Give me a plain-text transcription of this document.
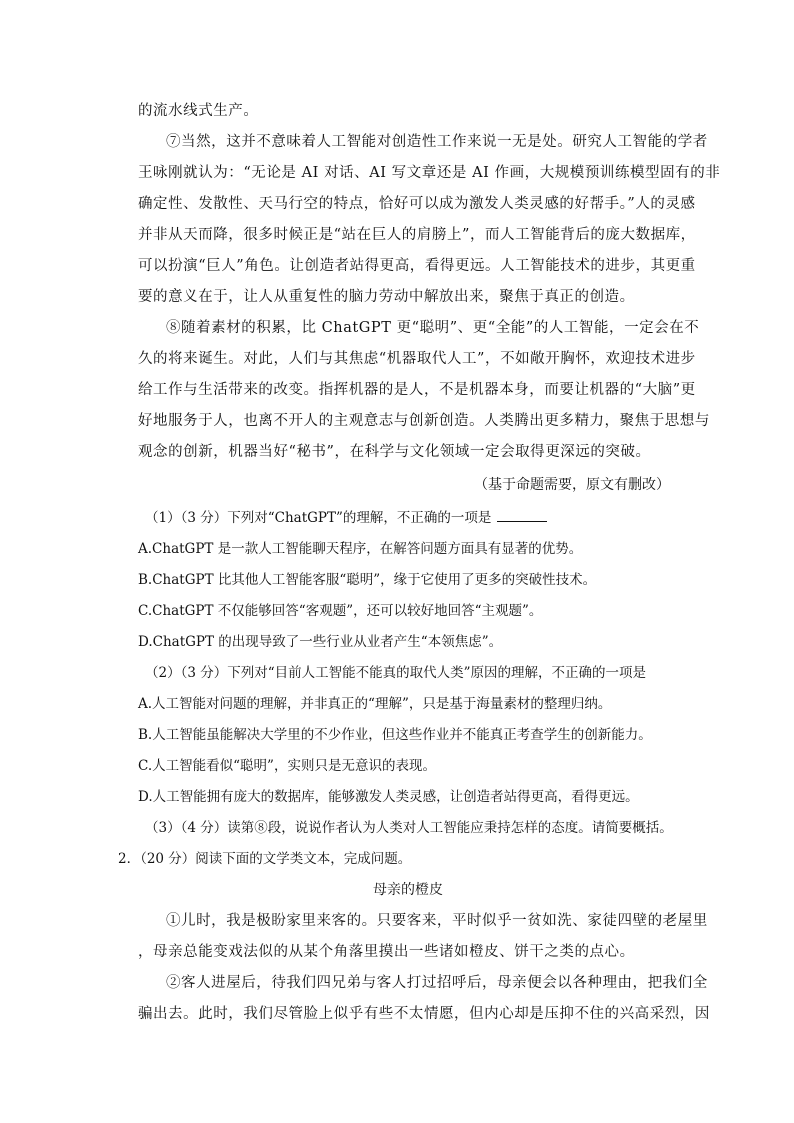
的流水线式生产。
⑦当然，这并不意味着人工智能对创造性工作来说一无是处。研究人工智能的学者
王咏刚就认为：“无论是 AI 对话、AI 写文章还是 AI 作画，大规模预训练模型固有的非
确定性、发散性、天马行空的特点，恰好可以成为激发人类灵感的好帮手。”人的灵感
并非从天而降，很多时候正是“站在巨人的肩膀上”，而人工智能背后的庞大数据库，
可以扮演“巨人”角色。让创造者站得更高，看得更远。人工智能技术的进步，其更重
要的意义在于，让人从重复性的脑力劳动中解放出来，聚焦于真正的创造。
⑧随着素材的积累，比 ChatGPT 更“聪明”、更“全能”的人工智能，一定会在不
久的将来诞生。对此，人们与其焦虑“机器取代人工”，不如敞开胸怀，欢迎技术进步
给工作与生活带来的改变。指挥机器的是人，不是机器本身，而要让机器的“大脑”更
好地服务于人，也离不开人的主观意志与创新创造。人类腾出更多精力，聚焦于思想与
观念的创新，机器当好“秘书”，在科学与文化领域一定会取得更深远的突破。
（基于命题需要，原文有删改）
（1）（3 分）下列对“ChatGPT”的理解，不正确的一项是
A.ChatGPT 是一款人工智能聊天程序，在解答问题方面具有显著的优势。
B.ChatGPT 比其他人工智能客服“聪明”，缘于它使用了更多的突破性技术。
C.ChatGPT 不仅能够回答“客观题”，还可以较好地回答“主观题”。
D.ChatGPT 的出现导致了一些行业从业者产生“本领焦虑”。
（2）（3 分）下列对“目前人工智能不能真的取代人类”原因的理解，不正确的一项是
A.人工智能对问题的理解，并非真正的“理解”，只是基于海量素材的整理归纳。
B.人工智能虽能解决大学里的不少作业，但这些作业并不能真正考查学生的创新能力。
C.人工智能看似“聪明”，实则只是无意识的表现。
D.人工智能拥有庞大的数据库，能够激发人类灵感，让创造者站得更高，看得更远。
（3）（4 分）读第⑧段，说说作者认为人类对人工智能应秉持怎样的态度。请简要概括。
2．（20 分）阅读下面的文学类文本，完成问题。
母亲的橙皮
①儿时，我是极盼家里来客的。只要客来，平时似乎一贫如洗、家徒四壁的老屋里
，母亲总能变戏法似的从某个角落里摸出一些诸如橙皮、饼干之类的点心。
②客人进屋后，待我们四兄弟与客人打过招呼后，母亲便会以各种理由，把我们全
骗出去。此时，我们尽管脸上似乎有些不太情愿，但内心却是压抑不住的兴高采烈，因
